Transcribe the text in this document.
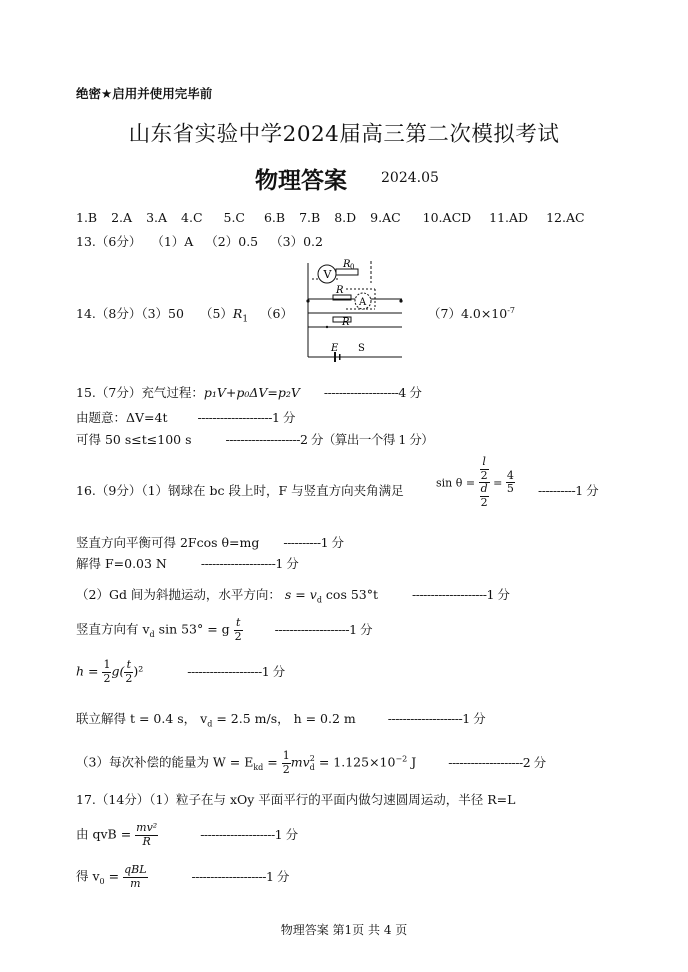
绝密★启用并使用完毕前
山东省实验中学2024届高三第二次模拟考试
物理答案 2024.05
1.B 2.A 3.A 4.C 5.C 6.B 7.B 8.D 9.AC 10.ACD 11.AD 12.AC
13.（6分） （1）A （2）0.5 （3）0.2
14.（8分）（3）50 $(5)R_1$ （6）
V
R 0
A
R
R
E S
$(7)4.0\times 10^{-7}$
15.（7分）充气过程：p₁V+p₀ΔV=p₂V --------------------4 分
由题意：ΔV=4t --------------------1 分
可得 50 s≤t≤100 s	--------------------2 分（算出一个得 1 分）
16.（9分）（1）钢球在 bc 段上时，F 与竖直方向夹角满足
$\sin \theta = \frac{\frac{l}{2}}{\frac{d}{2}} = \frac{4}{5} ----------1$ 分
竖直方向平衡可得 2Fcos θ=mg ----------1 分
解得 F=0.03 N	--------------------1 分
（2）Gd 间为斜抛运动，水平方向： $s = v_d$ cos 53°t	--------------------1 分
竖直方向有 $v_d$ sin 53° = g $\frac{t}{2}$	--------------------1 分
$h = \frac{1}{2} g( \frac{t}{2} )^2$	--------------------1 分
联立解得 t = 0.4 s， $v_d = 2.5$ m/s， h = 0.2 m	--------------------1 分
（3）每次补偿的能量为 $W = E_{kd} = \frac{1}{2} mv_d^2 = 1.125\times 10^{-2}$ J	--------------------2 分
17.（14分）（1）粒子在与 xOy 平面平行的平面内做匀速圆周运动，半径 R=L
由 qvB = $\frac{\text{mv²}}{R}$	--------------------1 分
得 $v_0 = \frac{\text{qBL}}{m}$	--------------------1 分
物理答案 第1页 共 4 页
